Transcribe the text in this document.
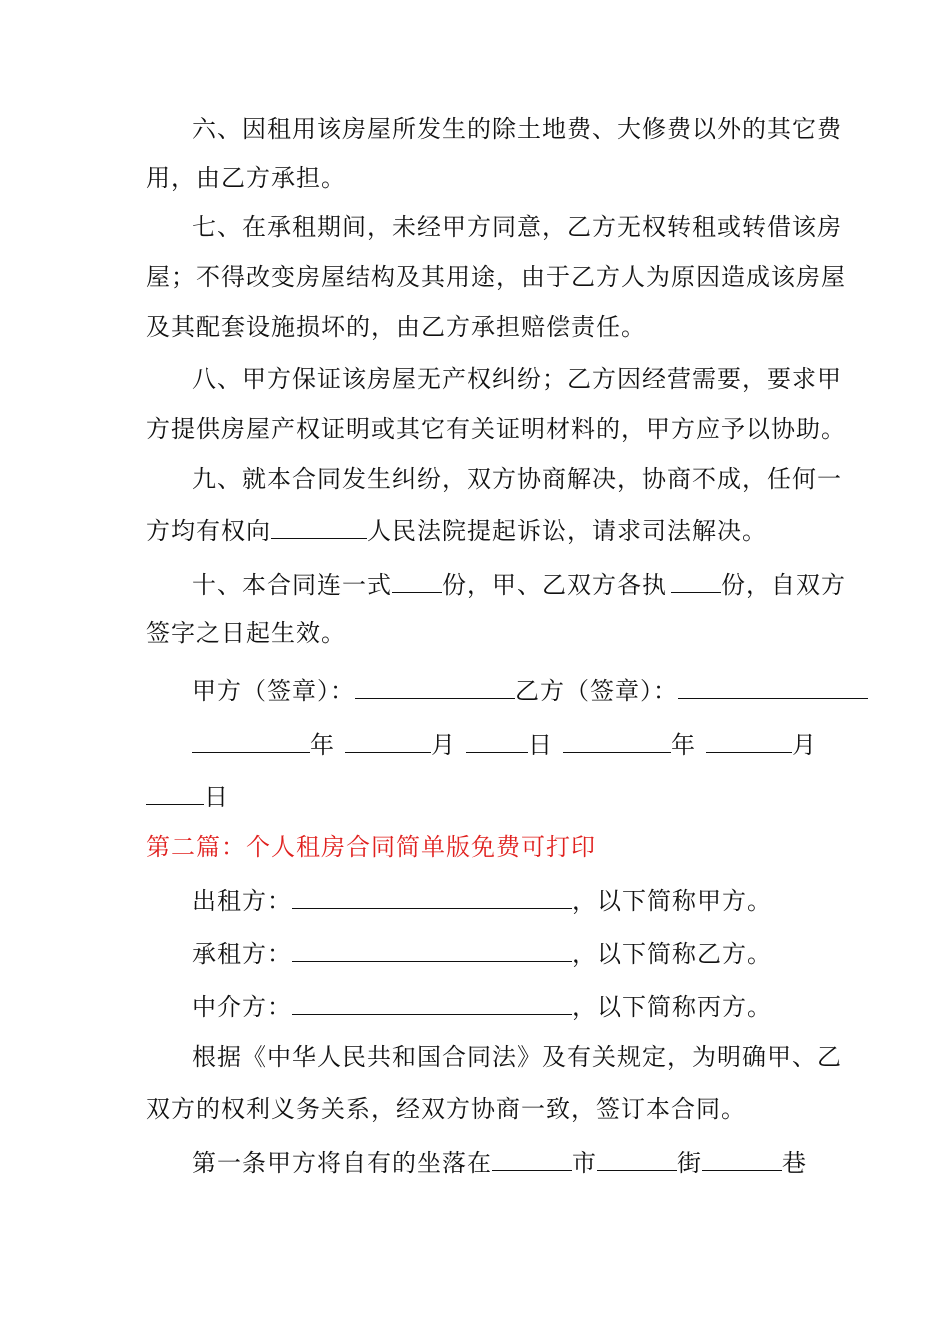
六、因租用该房屋所发生的除土地费、大修费以外的其它费
用，由乙方承担。
七、在承租期间，未经甲方同意，乙方无权转租或转借该房
屋；不得改变房屋结构及其用途，由于乙方人为原因造成该房屋
及其配套设施损坏的，由乙方承担赔偿责任。
八、甲方保证该房屋无产权纠纷；乙方因经营需要，要求甲
方提供房屋产权证明或其它有关证明材料的，甲方应予以协助。
九、就本合同发生纠纷，双方协商解决，协商不成，任何一
方均有权向	人民法院提起诉讼，请求司法解决。
十、本合同连一式 份，甲、乙双方各执 份，自双方
签字之日起生效。
甲方（签章）：	乙方（签章）：
年	月	日	年	月
日
第二篇：个人租房合同简单版免费可打印
出租方：	，以下简称甲方。
承租方：	，以下简称乙方。
中介方：	，以下简称丙方。
根据《中华人民共和国合同法》及有关规定，为明确甲、乙
双方的权利义务关系，经双方协商一致，签订本合同。
第一条甲方将自有的坐落在	市	街	巷
